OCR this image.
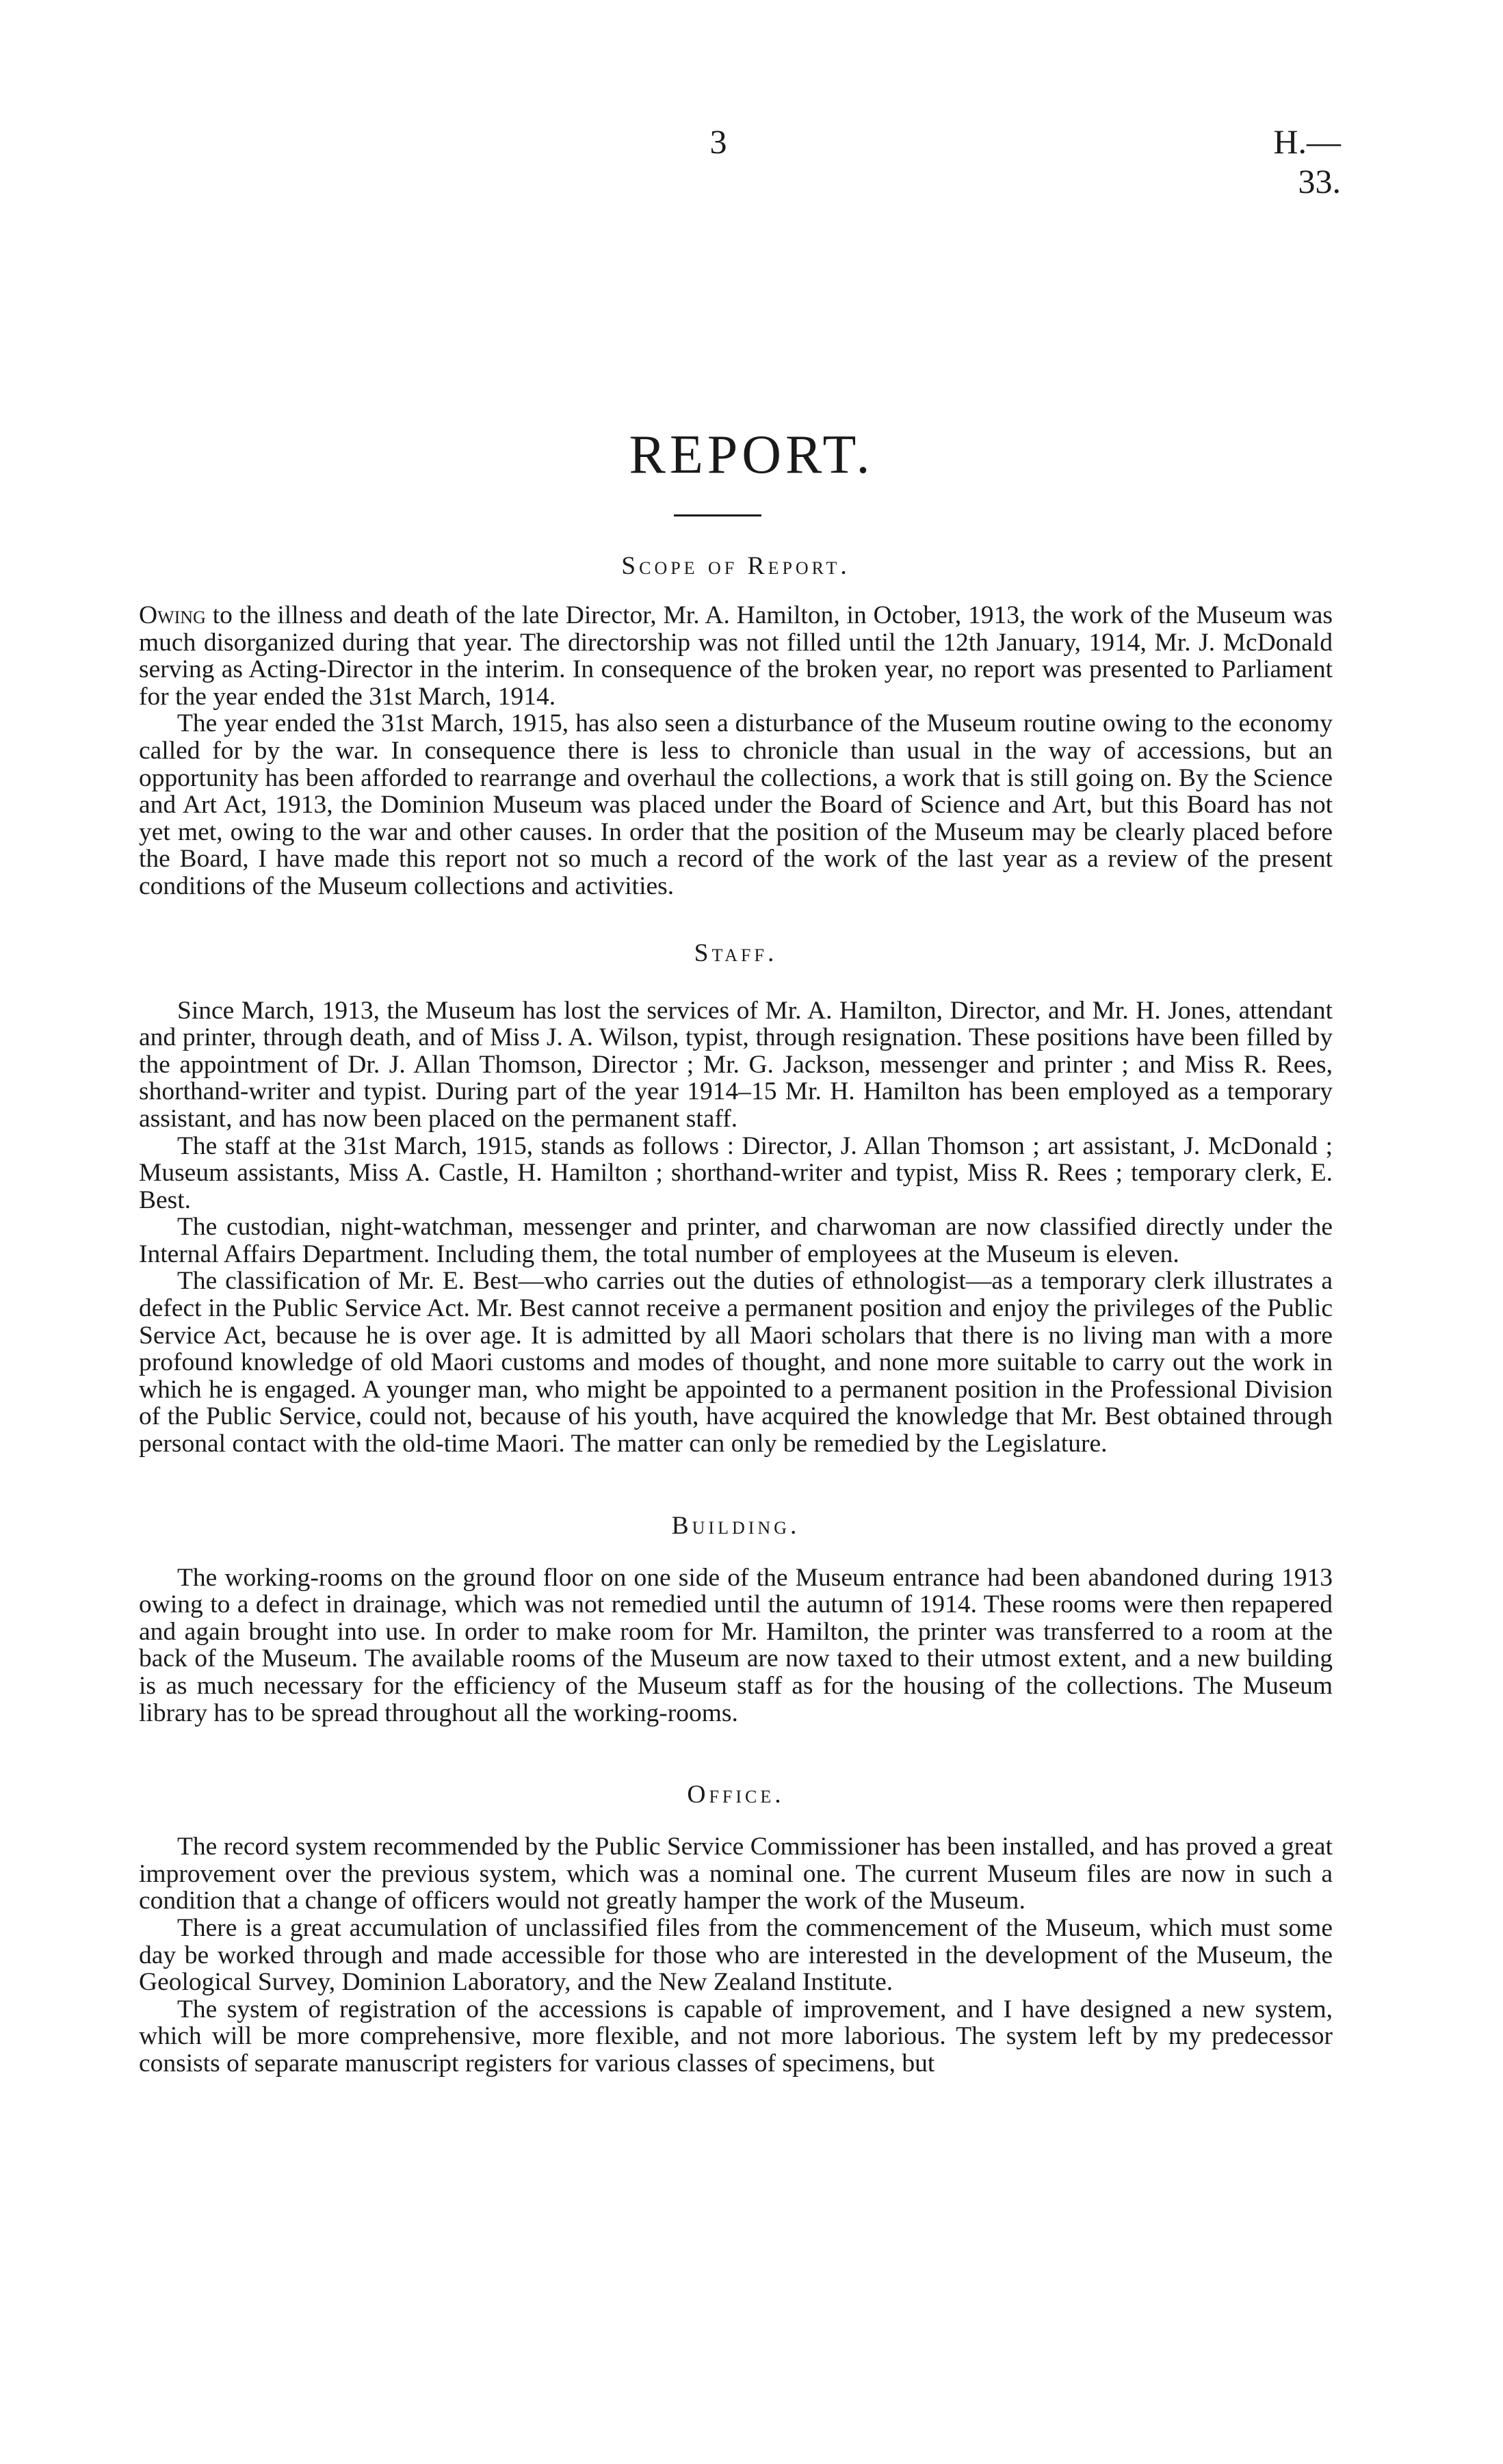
3	H.—33.
REPORT.
Scope of Report.

Owing to the illness and death of the late Director, Mr. A. Hamilton, in October, 1913, the work of the Museum was much disorganized during that year. The directorship was not filled until the 12th January, 1914, Mr. J. McDonald serving as Acting-Director in the interim. In consequence of the broken year, no report was presented to Parliament for the year ended the 31st March, 1914.

The year ended the 31st March, 1915, has also seen a disturbance of the Museum routine owing to the economy called for by the war. In consequence there is less to chronicle than usual in the way of accessions, but an opportunity has been afforded to rearrange and overhaul the collections, a work that is still going on. By the Science and Art Act, 1913, the Dominion Museum was placed under the Board of Science and Art, but this Board has not yet met, owing to the war and other causes. In order that the position of the Museum may be clearly placed before the Board, I have made this report not so much a record of the work of the last year as a review of the present conditions of the Museum collections and activities.

Staff.

Since March, 1913, the Museum has lost the services of Mr. A. Hamilton, Director, and Mr. H. Jones, attendant and printer, through death, and of Miss J. A. Wilson, typist, through resignation. These positions have been filled by the appointment of Dr. J. Allan Thomson, Director ; Mr. G. Jackson, messenger and printer ; and Miss R. Rees, shorthand-writer and typist. During part of the year 1914–15 Mr. H. Hamilton has been employed as a temporary assistant, and has now been placed on the permanent staff.

The staff at the 31st March, 1915, stands as follows : Director, J. Allan Thomson ; art assistant, J. McDonald ; Museum assistants, Miss A. Castle, H. Hamilton ; shorthand-writer and typist, Miss R. Rees ; temporary clerk, E. Best.

The custodian, night-watchman, messenger and printer, and charwoman are now classified directly under the Internal Affairs Department. Including them, the total number of employees at the Museum is eleven.

The classification of Mr. E. Best—who carries out the duties of ethnologist—as a temporary clerk illustrates a defect in the Public Service Act. Mr. Best cannot receive a permanent position and enjoy the privileges of the Public Service Act, because he is over age. It is admitted by all Maori scholars that there is no living man with a more profound knowledge of old Maori customs and modes of thought, and none more suitable to carry out the work in which he is engaged. A younger man, who might be appointed to a permanent position in the Professional Division of the Public Service, could not, because of his youth, have acquired the knowledge that Mr. Best obtained through personal contact with the old-time Maori. The matter can only be remedied by the Legislature.

Building.

The working-rooms on the ground floor on one side of the Museum entrance had been abandoned during 1913 owing to a defect in drainage, which was not remedied until the autumn of 1914. These rooms were then repapered and again brought into use. In order to make room for Mr. Hamilton, the printer was transferred to a room at the back of the Museum. The available rooms of the Museum are now taxed to their utmost extent, and a new building is as much necessary for the efficiency of the Museum staff as for the housing of the collections. The Museum library has to be spread throughout all the working-rooms.

Office.

The record system recommended by the Public Service Commissioner has been installed, and has proved a great improvement over the previous system, which was a nominal one. The current Museum files are now in such a condition that a change of officers would not greatly hamper the work of the Museum.

There is a great accumulation of unclassified files from the commencement of the Museum, which must some day be worked through and made accessible for those who are interested in the development of the Museum, the Geological Survey, Dominion Laboratory, and the New Zealand Institute.

The system of registration of the accessions is capable of improvement, and I have designed a new system, which will be more comprehensive, more flexible, and not more laborious. The system left by my predecessor consists of separate manuscript registers for various classes of specimens, but
